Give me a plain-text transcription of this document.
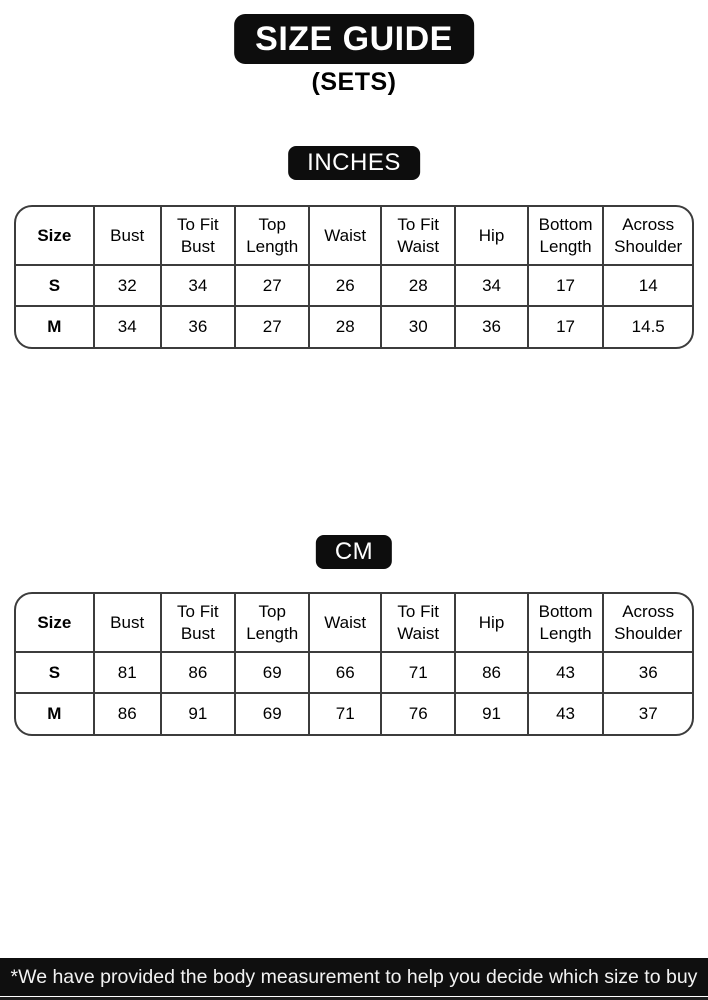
SIZE GUIDE
(SETS)
INCHES
Size	Bust	To Fit Bust	Top Length	Waist	To Fit Waist	Hip	Bottom Length	Across Shoulder
S	32	34	27	26	28	34	17	14
M	34	36	27	28	30	36	17	14.5
CM
Size	Bust	To Fit Bust	Top Length	Waist	To Fit Waist	Hip	Bottom Length	Across Shoulder
S	81	86	69	66	71	86	43	36
M	86	91	69	71	76	91	43	37
*We have provided the body measurement to help you decide which size to buy
